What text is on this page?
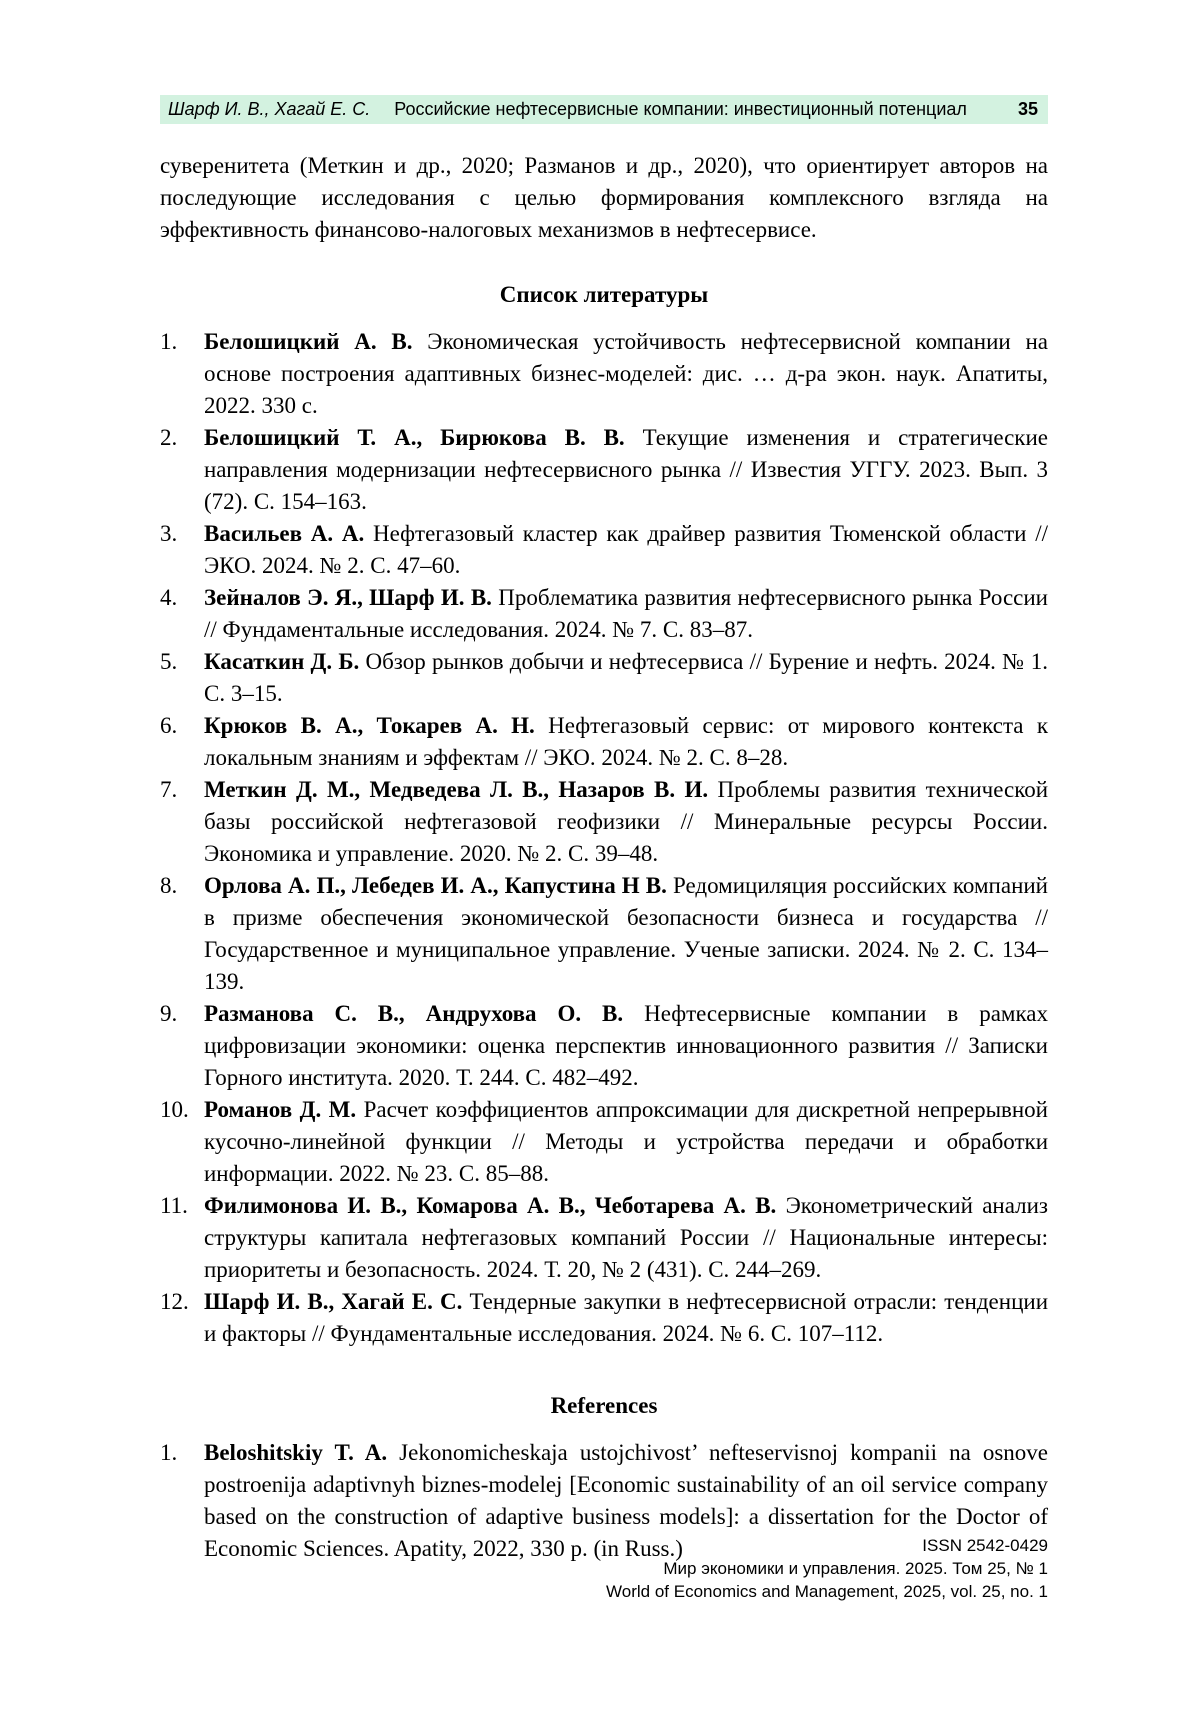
Шарф И. В., Хагай Е. С. Российские нефтесервисные компании: инвестиционный потенциал	35

суверенитета (Меткин и др., 2020; Разманов и др., 2020), что ориентирует авторов на последующие исследования с целью формирования комплексного взгляда на эффективность финансово-налоговых механизмов в нефтесервисе.

Список литературы
1.	Белошицкий А. В. Экономическая устойчивость нефтесервисной компании на основе построения адаптивных бизнес-моделей: дис. … д-ра экон. наук. Апатиты, 2022. 330 с.
2.	Белошицкий Т. А., Бирюкова В. В. Текущие изменения и стратегические направления модернизации нефтесервисного рынка // Известия УГГУ. 2023. Вып. 3 (72). С. 154–163.
3.	Васильев А. А. Нефтегазовый кластер как драйвер развития Тюменской области // ЭКО. 2024. № 2. С. 47–60.
4.	Зейналов Э. Я., Шарф И. В. Проблематика развития нефтесервисного рынка России // Фундаментальные исследования. 2024. № 7. С. 83–87.
5.	Касаткин Д. Б. Обзор рынков добычи и нефтесервиса // Бурение и нефть. 2024. № 1. С. 3–15.
6.	Крюков В. А., Токарев А. Н. Нефтегазовый сервис: от мирового контекста к локальным знаниям и эффектам // ЭКО. 2024. № 2. С. 8–28.
7.	Меткин Д. М., Медведева Л. В., Назаров В. И. Проблемы развития технической базы российской нефтегазовой геофизики // Минеральные ресурсы России. Экономика и управление. 2020. № 2. С. 39–48.
8.	Орлова А. П., Лебедев И. А., Капустина Н В. Редомициляция российских компаний в призме обеспечения экономической безопасности бизнеса и государства // Государственное и муниципальное управление. Ученые записки. 2024. № 2. С. 134–139.
9.	Разманова С. В., Андрухова О. В. Нефтесервисные компании в рамках цифровизации экономики: оценка перспектив инновационного развития // Записки Горного института. 2020. Т. 244. С. 482–492.
10. Романов Д. М. Расчет коэффициентов аппроксимации для дискретной непрерывной кусочно-линейной функции // Методы и устройства передачи и обработки информации. 2022. № 23. С. 85–88.
11. Филимонова И. В., Комарова А. В., Чеботарева А. В. Эконометрический анализ структуры капитала нефтегазовых компаний России // Национальные интересы: приоритеты и безопасность. 2024. Т. 20, № 2 (431). С. 244–269.
12. Шарф И. В., Хагай Е. С. Тендерные закупки в нефтесервисной отрасли: тенденции и факторы // Фундаментальные исследования. 2024. № 6. С. 107–112.
References
1.	Beloshitskiy T. A. Jekonomicheskaja ustojchivost’ nefteservisnoj kompanii na osnove postroenija adaptivnyh biznes-modelej [Economic sustainability of an oil service company based on the construction of adaptive business models]: a dissertation for the Doctor of Economic Sciences. Apatity, 2022, 330 p. (in Russ.)	ISSN 2542-0429
Мир экономики и управления. 2025. Том 25, № 1
World of Economics and Management, 2025, vol. 25, no. 1
